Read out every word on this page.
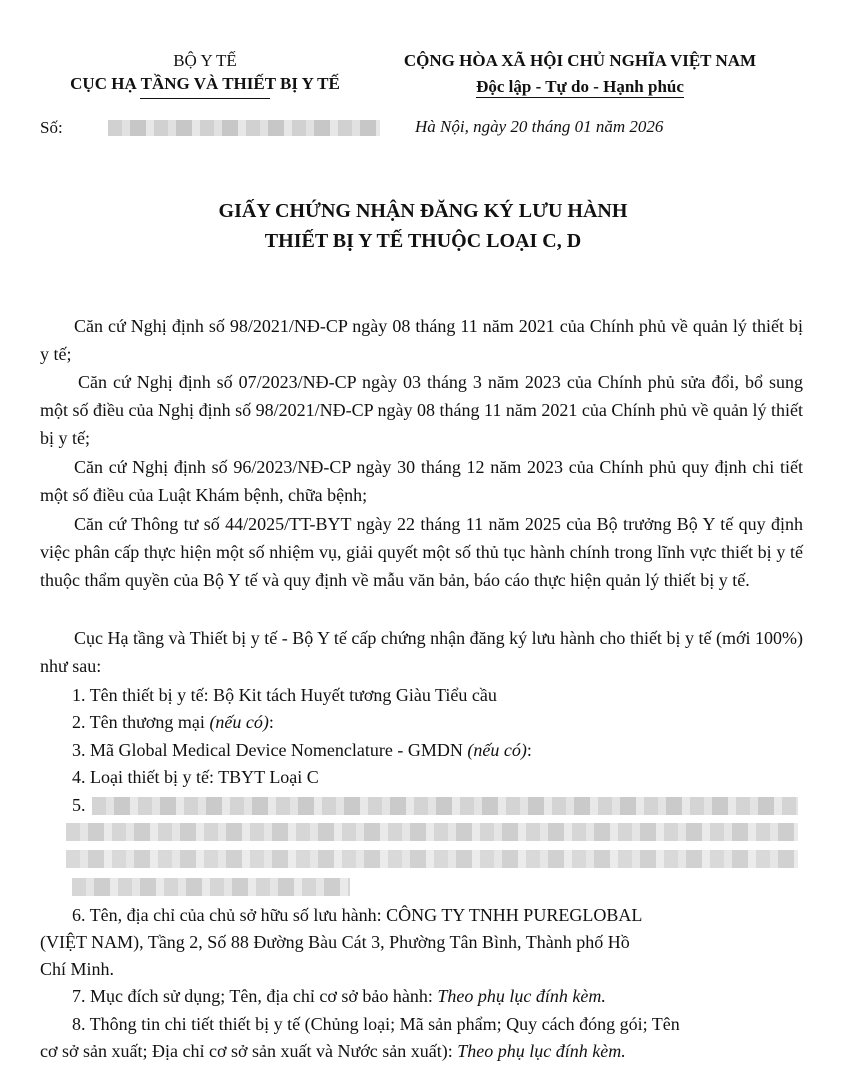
BỘ Y TẾ
CỤC HẠ TẦNG VÀ THIẾT BỊ Y TẾ
CỘNG HÒA XÃ HỘI CHỦ NGHĨA VIỆT NAM
Độc lập - Tự do - Hạnh phúc
Số:	Hà Nội, ngày 20 tháng 01 năm 2026
GIẤY CHỨNG NHẬN ĐĂNG KÝ LƯU HÀNH
THIẾT BỊ Y TẾ THUỘC LOẠI C, D
Căn cứ Nghị định số 98/2021/NĐ-CP ngày 08 tháng 11 năm 2021 của Chính phủ về quản lý thiết bị y tế;
Căn cứ Nghị định số 07/2023/NĐ-CP ngày 03 tháng 3 năm 2023 của Chính phủ sửa đổi, bổ sung một số điều của Nghị định số 98/2021/NĐ-CP ngày 08 tháng 11 năm 2021 của Chính phủ về quản lý thiết bị y tế;
Căn cứ Nghị định số 96/2023/NĐ-CP ngày 30 tháng 12 năm 2023 của Chính phủ quy định chi tiết một số điều của Luật Khám bệnh, chữa bệnh;
Căn cứ Thông tư số 44/2025/TT-BYT ngày 22 tháng 11 năm 2025 của Bộ trưởng Bộ Y tế quy định việc phân cấp thực hiện một số nhiệm vụ, giải quyết một số thủ tục hành chính trong lĩnh vực thiết bị y tế thuộc thẩm quyền của Bộ Y tế và quy định về mẫu văn bản, báo cáo thực hiện quản lý thiết bị y tế.
Cục Hạ tầng và Thiết bị y tế - Bộ Y tế cấp chứng nhận đăng ký lưu hành cho thiết bị y tế (mới 100%) như sau:
1. Tên thiết bị y tế: Bộ Kit tách Huyết tương Giàu Tiểu cầu
2. Tên thương mại (nếu có):
3. Mã Global Medical Device Nomenclature - GMDN (nếu có):
4. Loại thiết bị y tế: TBYT Loại C
5.
6. Tên, địa chỉ của chủ sở hữu số lưu hành: CÔNG TY TNHH PUREGLOBAL
(VIỆT NAM), Tầng 2, Số 88 Đường Bàu Cát 3, Phường Tân Bình, Thành phố Hồ
Chí Minh.
7. Mục đích sử dụng; Tên, địa chỉ cơ sở bảo hành: Theo phụ lục đính kèm.
8. Thông tin chi tiết thiết bị y tế (Chủng loại; Mã sản phẩm; Quy cách đóng gói; Tên
cơ sở sản xuất; Địa chỉ cơ sở sản xuất và Nước sản xuất): Theo phụ lục đính kèm.
